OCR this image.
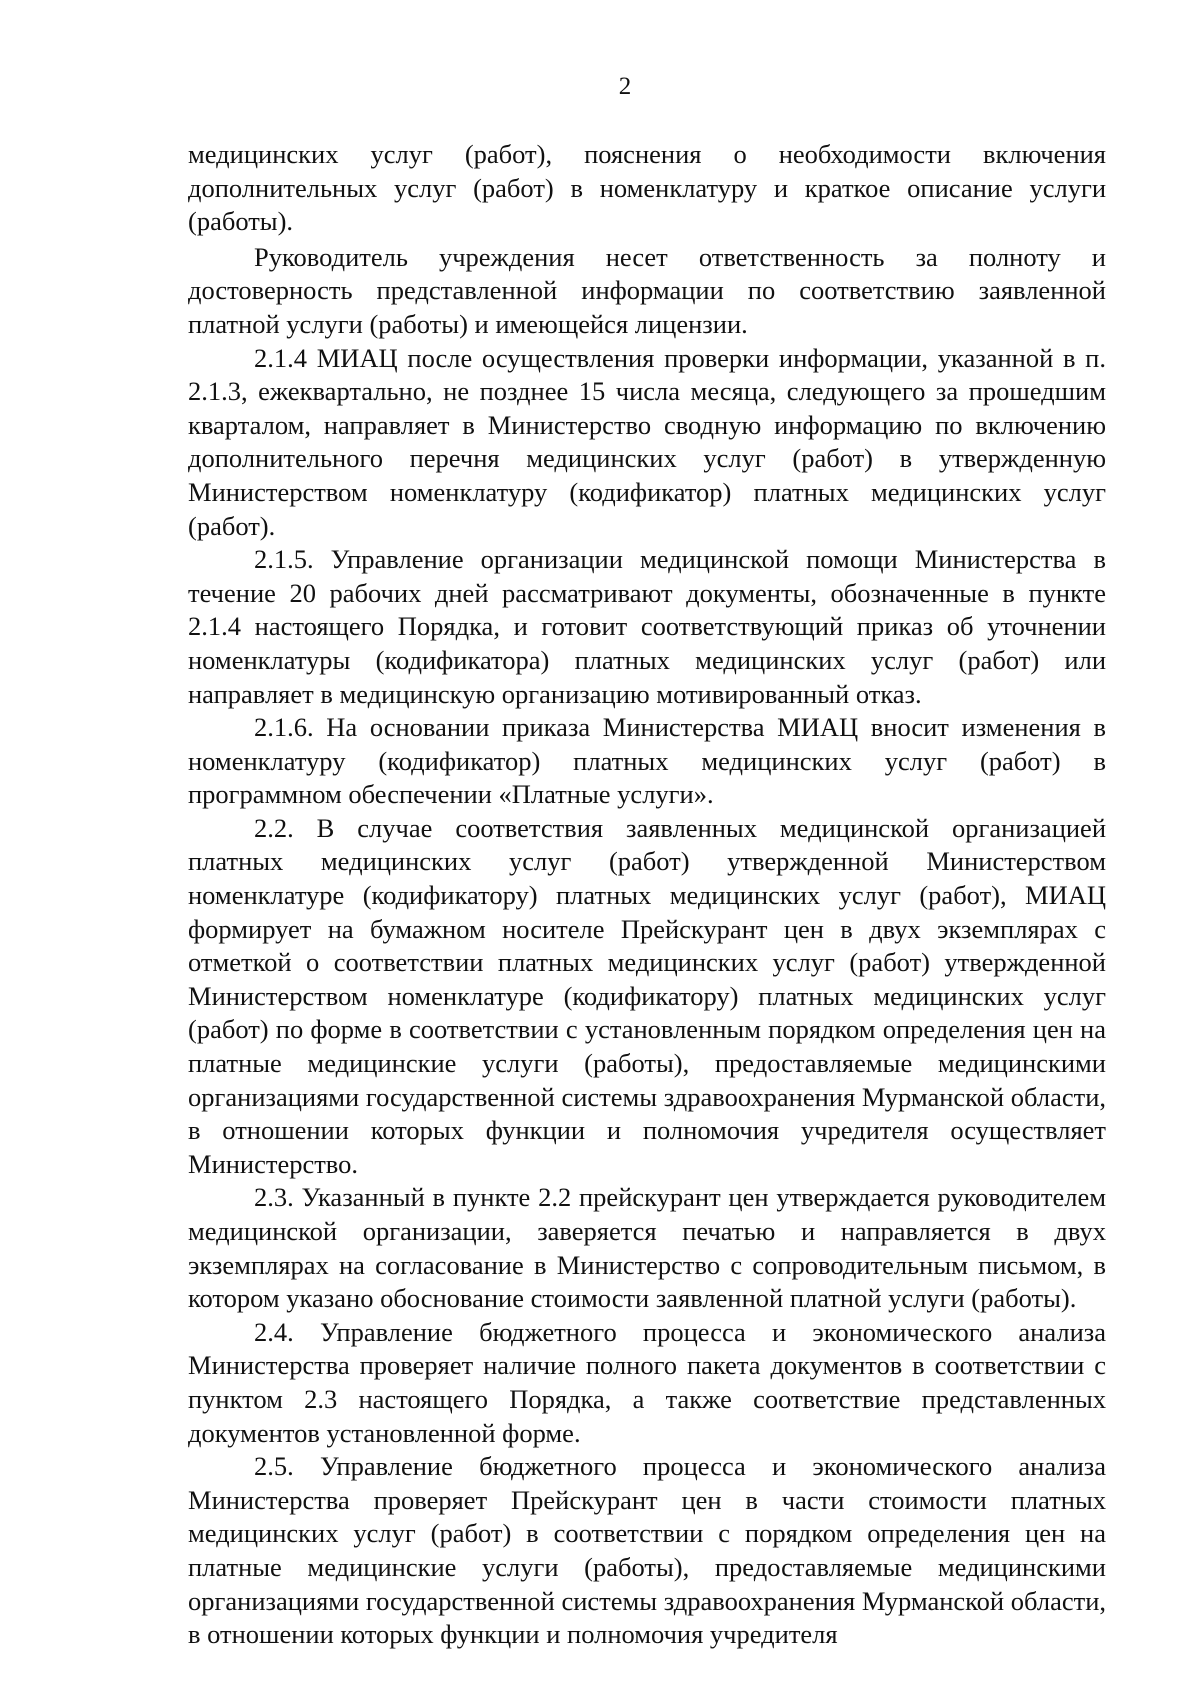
2

медицинских услуг (работ), пояснения о необходимости включения дополнительных услуг (работ) в номенклатуру и краткое описание услуги (работы).

Руководитель учреждения несет ответственность за полноту и достоверность представленной информации по соответствию заявленной платной услуги (работы) и имеющейся лицензии.

2.1.4 МИАЦ после осуществления проверки информации, указанной в п. 2.1.3, ежеквартально, не позднее 15 числа месяца, следующего за прошедшим кварталом, направляет в Министерство сводную информацию по включению дополнительного перечня медицинских услуг (работ) в утвержденную Министерством номенклатуру (кодификатор) платных медицинских услуг (работ).

2.1.5. Управление организации медицинской помощи Министерства в течение 20 рабочих дней рассматривают документы, обозначенные в пункте 2.1.4 настоящего Порядка, и готовит соответствующий приказ об уточнении номенклатуры (кодификатора) платных медицинских услуг (работ) или направляет в медицинскую организацию мотивированный отказ.

2.1.6. На основании приказа Министерства МИАЦ вносит изменения в номенклатуру (кодификатор) платных медицинских услуг (работ) в программном обеспечении «Платные услуги».

2.2. В случае соответствия заявленных медицинской организацией платных медицинских услуг (работ) утвержденной Министерством номенклатуре (кодификатору) платных медицинских услуг (работ), МИАЦ формирует на бумажном носителе Прейскурант цен в двух экземплярах с отметкой о соответствии платных медицинских услуг (работ) утвержденной Министерством номенклатуре (кодификатору) платных медицинских услуг (работ) по форме в соответствии с установленным порядком определения цен на платные медицинские услуги (работы), предоставляемые медицинскими организациями государственной системы здравоохранения Мурманской области, в отношении которых функции и полномочия учредителя осуществляет Министерство.

2.3. Указанный в пункте 2.2 прейскурант цен утверждается руководителем медицинской организации, заверяется печатью и направляется в двух экземплярах на согласование в Министерство с сопроводительным письмом, в котором указано обоснование стоимости заявленной платной услуги (работы).

2.4. Управление бюджетного процесса и экономического анализа Министерства проверяет наличие полного пакета документов в соответствии с пунктом 2.3 настоящего Порядка, а также соответствие представленных документов установленной форме.

2.5. Управление бюджетного процесса и экономического анализа Министерства проверяет Прейскурант цен в части стоимости платных медицинских услуг (работ) в соответствии с порядком определения цен на платные медицинские услуги (работы), предоставляемые медицинскими организациями государственной системы здравоохранения Мурманской области, в отношении которых функции и полномочия учредителя
